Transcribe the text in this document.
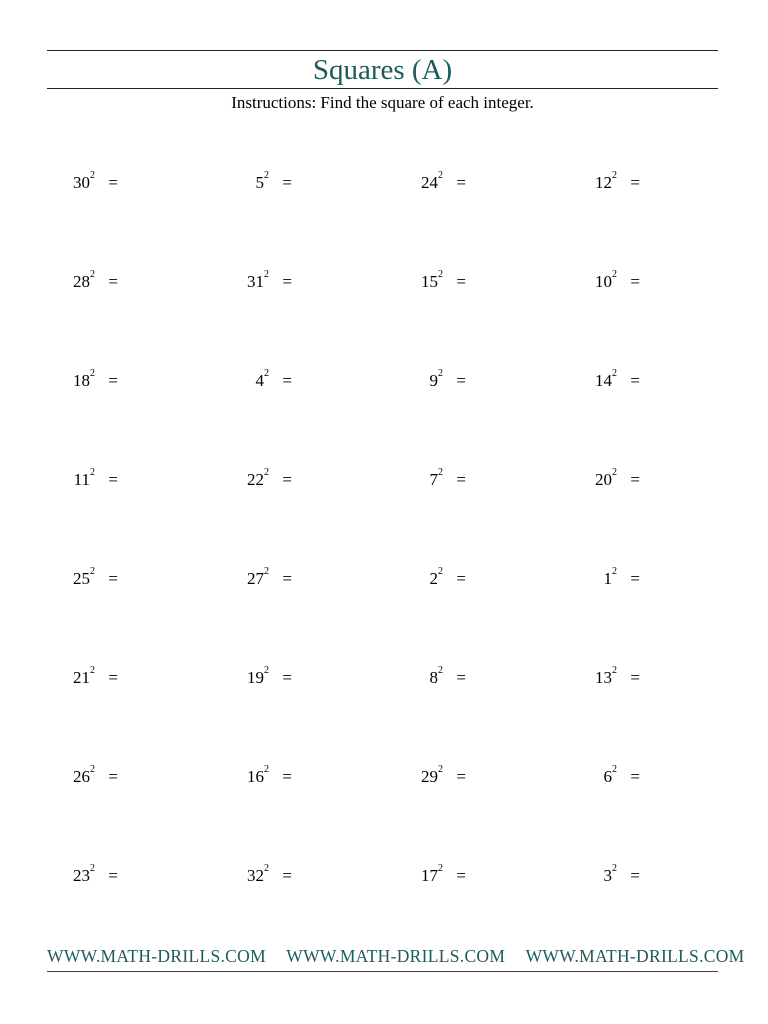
Squares (A)
Instructions: Find the square of each integer.
30 2 =	5 2 =	24 2 =	12 2 =
28 2 =	31 2 =	15 2 =	10 2 =
18 2 =	4 2 =	9 2 =	14 2 =
11 2 =	22 2 =	7 2 =	20 2 =
25 2 =	27 2 =	2 2 =	1 2 =
21 2 =	19 2 =	8 2 =	13 2 =
26 2 =	16 2 =	29 2 =	6 2 =
23 2 =	32 2 =	17 2 =	3 2 =
WWW.MATH-DRILLS.COM WWW.MATH-DRILLS.COM WWW.MATH-DRILLS.COM
